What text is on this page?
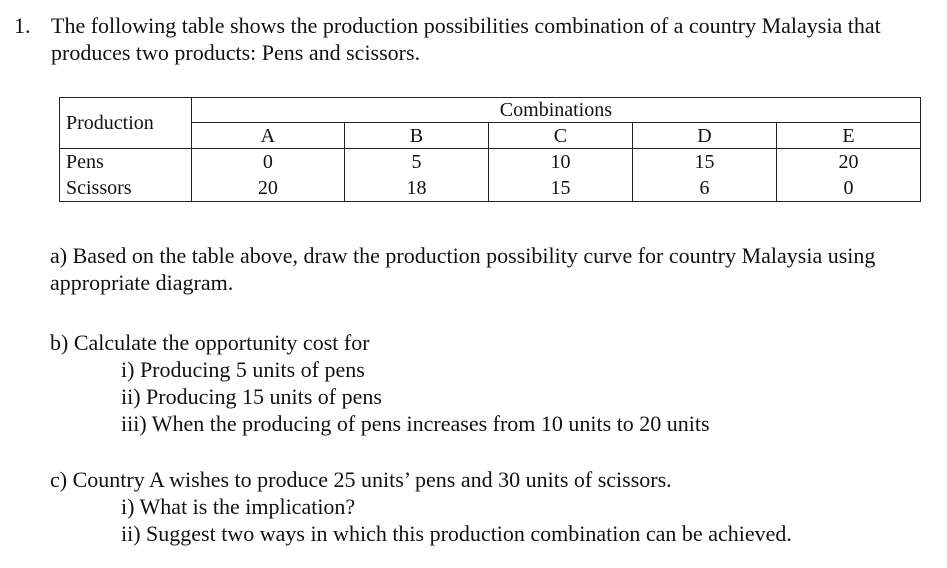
1. The following table shows the production possibilities combination of a country Malaysia that produces two products: Pens and scissors.
Production	Combinations				
	A	B	C	D	E
Pens	0	5	10	15	20
Scissors	20	18	15	6	0
a) Based on the table above, draw the production possibility curve for country Malaysia using appropriate diagram.
b) Calculate the opportunity cost for
i) Producing 5 units of pens
ii) Producing 15 units of pens
iii) When the producing of pens increases from 10 units to 20 units
c) Country A wishes to produce 25 units’ pens and 30 units of scissors.
i) What is the implication?
ii) Suggest two ways in which this production combination can be achieved.
